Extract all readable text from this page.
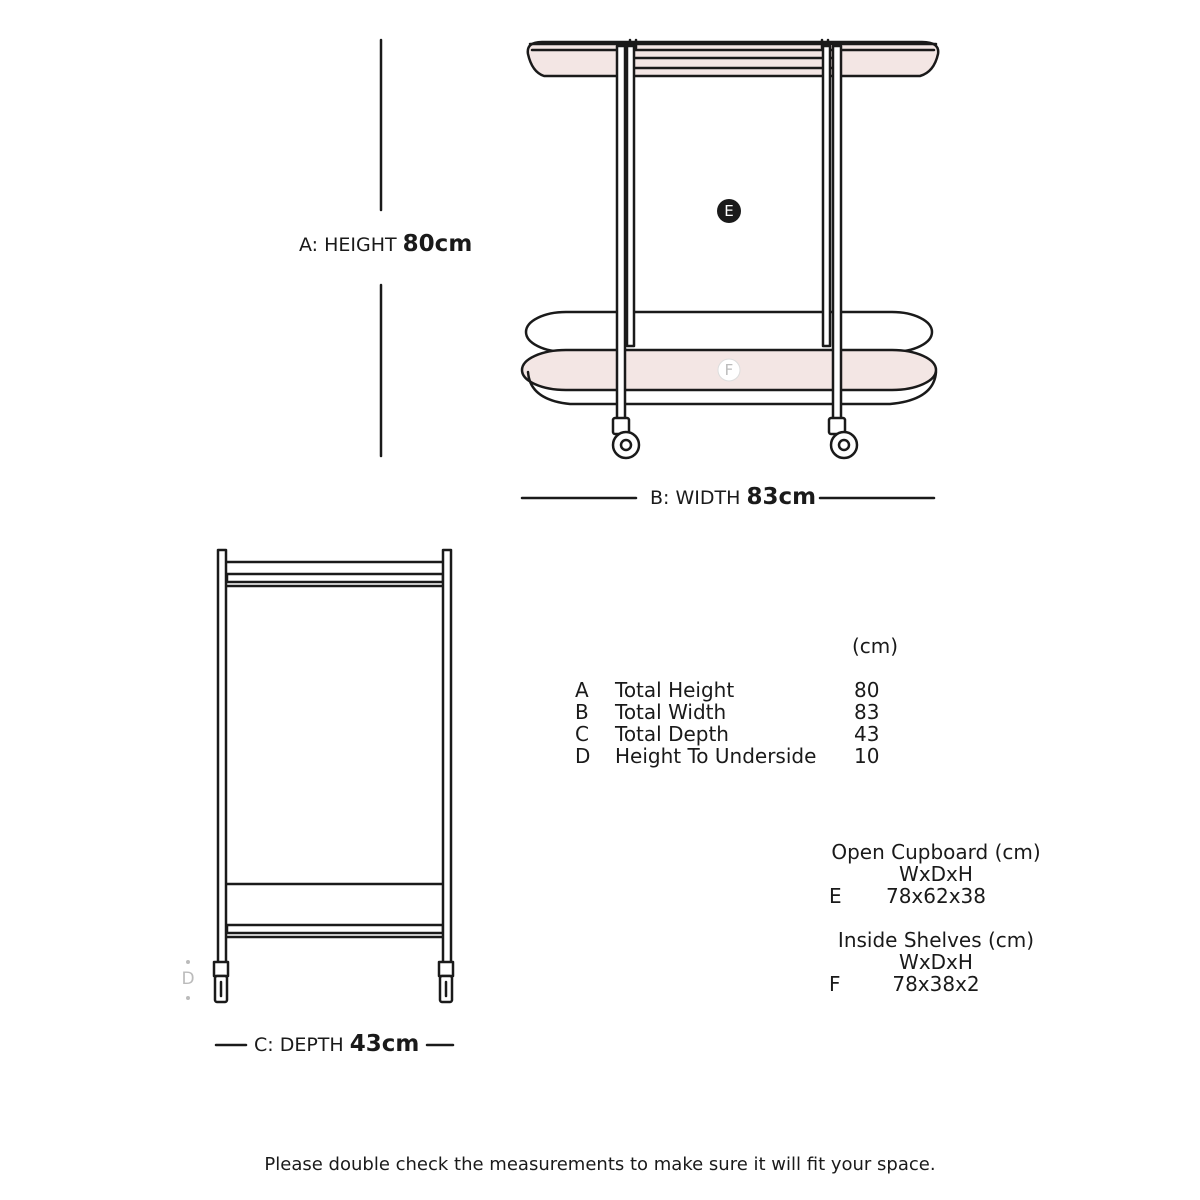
A: HEIGHT 80cm
B: WIDTH 83cm
C: DEPTH 43cm
D
E
F
(cm)
A Total Height	80
B Total Width	83
C Total Depth	43
D Height To Underside 10
Open Cupboard (cm)
WxDxH
E	78x62x38
Inside Shelves (cm)
WxDxH
F	78x38x2
Please double check the measurements to make sure it will fit your space.
